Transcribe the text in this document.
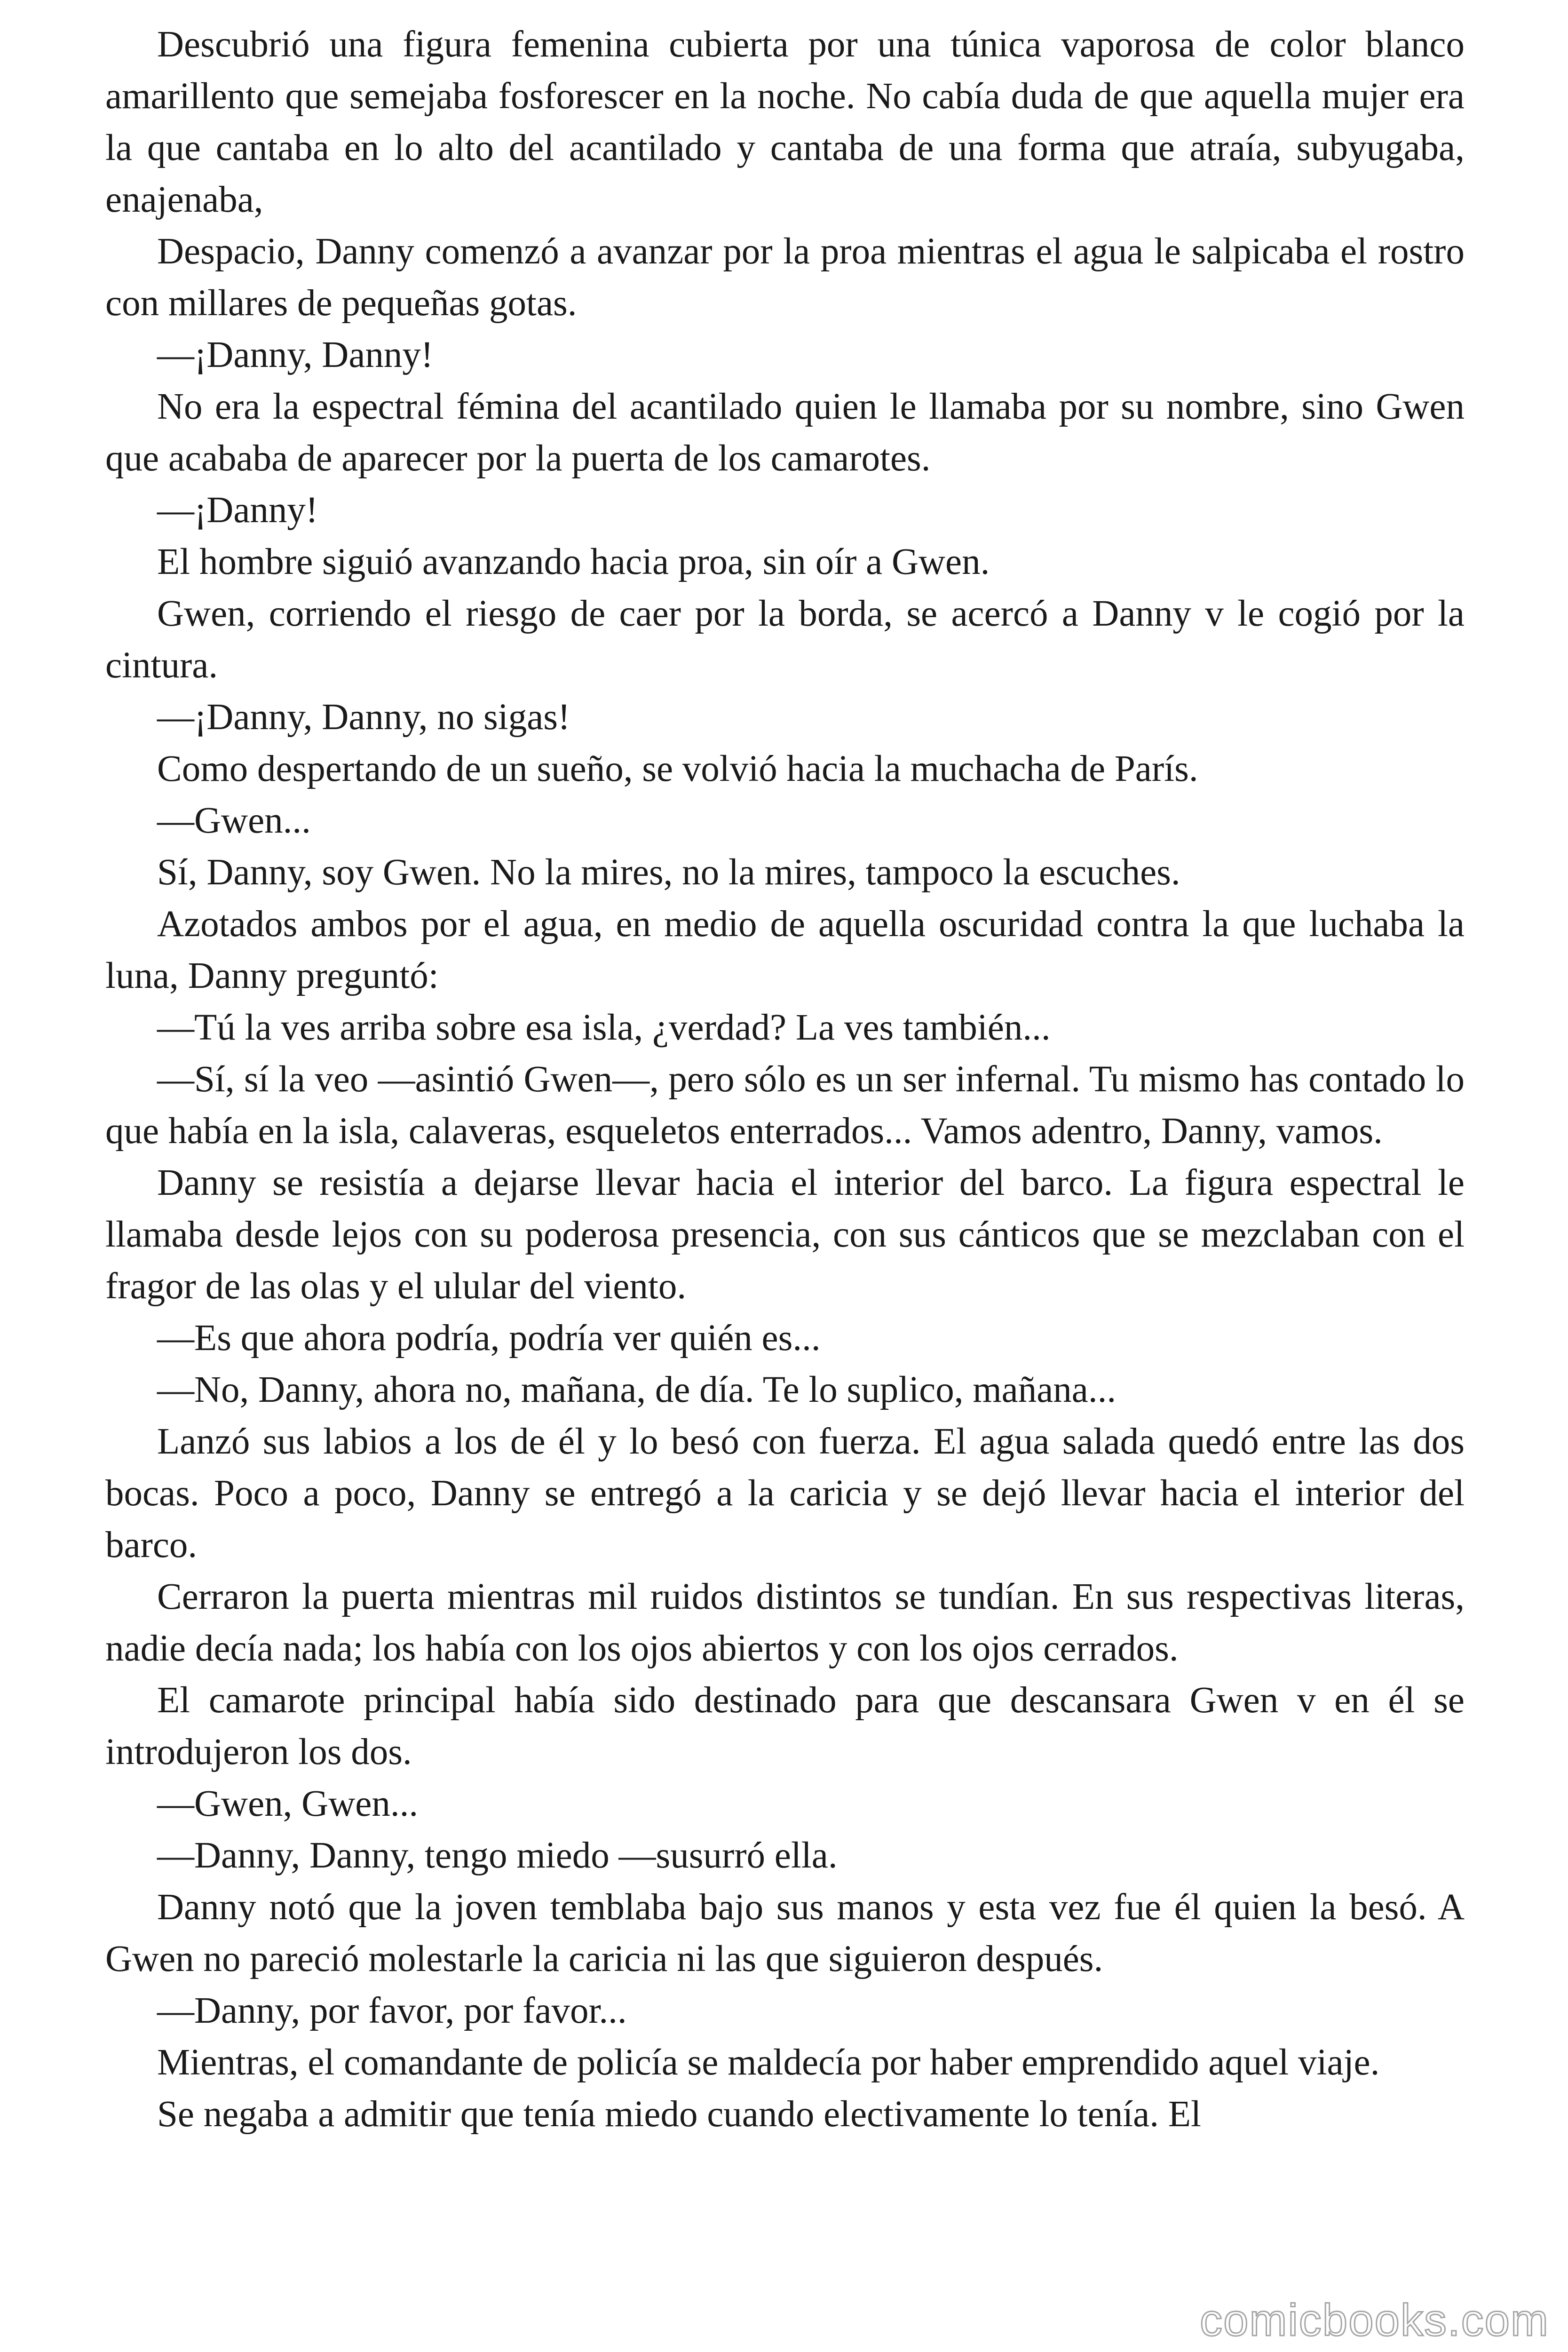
Descubrió una figura femenina cubierta por una túnica vaporosa de color blanco amarillento que semejaba fosforescer en la noche. No cabía duda de que aquella mujer era la que cantaba en lo alto del acantilado y cantaba de una forma que atraía, subyugaba, enajenaba,

Despacio, Danny comenzó a avanzar por la proa mientras el agua le salpicaba el rostro con millares de pequeñas gotas.

—¡Danny, Danny!

No era la espectral fémina del acantilado quien le llamaba por su nombre, sino Gwen que acababa de aparecer por la puerta de los camarotes.

—¡Danny!

El hombre siguió avanzando hacia proa, sin oír a Gwen.

Gwen, corriendo el riesgo de caer por la borda, se acercó a Danny v le cogió por la cintura.

—¡Danny, Danny, no sigas!

Como despertando de un sueño, se volvió hacia la muchacha de París.

—Gwen...

Sí, Danny, soy Gwen. No la mires, no la mires, tampoco la escuches.

Azotados ambos por el agua, en medio de aquella oscuridad contra la que luchaba la luna, Danny preguntó:

—Tú la ves arriba sobre esa isla, ¿verdad? La ves también...

—Sí, sí la veo —asintió Gwen—, pero sólo es un ser infernal. Tu mismo has contado lo que había en la isla, calaveras, esqueletos enterrados... Vamos adentro, Danny, vamos.

Danny se resistía a dejarse llevar hacia el interior del barco. La figura espectral le llamaba desde lejos con su poderosa presencia, con sus cánticos que se mezclaban con el fragor de las olas y el ulular del viento.

—Es que ahora podría, podría ver quién es...

—No, Danny, ahora no, mañana, de día. Te lo suplico, mañana...

Lanzó sus labios a los de él y lo besó con fuerza. El agua salada quedó entre las dos bocas. Poco a poco, Danny se entregó a la caricia y se dejó llevar hacia el interior del barco.

Cerraron la puerta mientras mil ruidos distintos se tundían. En sus respectivas literas, nadie decía nada; los había con los ojos abiertos y con los ojos cerrados.

El camarote principal había sido destinado para que descansara Gwen v en él se introdujeron los dos.

—Gwen, Gwen...

—Danny, Danny, tengo miedo —susurró ella.

Danny notó que la joven temblaba bajo sus manos y esta vez fue él quien la besó. A Gwen no pareció molestarle la caricia ni las que siguieron después.

—Danny, por favor, por favor...

Mientras, el comandante de policía se maldecía por haber emprendido aquel viaje.

Se negaba a admitir que tenía miedo cuando electivamente lo tenía. El

comicbooks.com
